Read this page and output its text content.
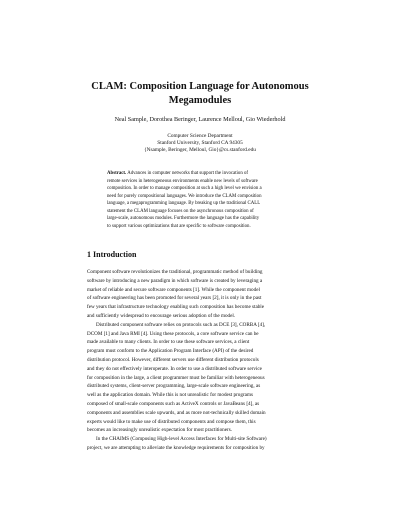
CLAM: Composition Language for Autonomous
Megamodules
Neal Sample, Dorothea Beringer, Laurence Melloul, Gio Wiederhold
Computer Science Department
Stanford University, Stanford CA 94305
{Nsample, Beringer, Melloul, Gio}@cs.stanford.edu
Abstract. Advances in computer networks that support the invocation of
remote services in heterogeneous environments enable new levels of software
composition. In order to manage composition at such a high level we envision a
need for purely compositional languages. We introduce the CLAM composition
language, a megaprogramming language. By breaking up the traditional CALL
statement the CLAM language focuses on the asynchronous composition of
large-scale, autonomous modules. Furthermore the language has the capability
to support various optimizations that are specific to software composition.
1 Introduction
Component software revolutionizes the traditional, programmatic method of building
software by introducing a new paradigm in which software is created by leveraging a
market of reliable and secure software components [1]. While the component model
of software engineering has been promoted for several years [2], it is only in the past
few years that infrastructure technology enabling such composition has become stable
and sufficiently widespread to encourage serious adoption of the model.
Distributed component software relies on protocols such as DCE [3], CORBA [4],
DCOM [1] and Java RMI [4]. Using these protocols, a core software service can be
made available to many clients. In order to use these software services, a client
program must conform to the Application Program Interface (API) of the desired
distribution protocol. However, different servers use different distribution protocols
and they do not effectively interoperate. In order to use a distributed software service
for composition in the large, a client programmer must be familiar with heterogeneous
distributed systems, client-server programming, large-scale software engineering, as
well as the application domain. While this is not unrealistic for modest programs
composed of small-scale components such as ActiveX controls or JavaBeans [4], as
components and assemblies scale upwards, and as more not-technically skilled domain
experts would like to make use of distributed components and compose them, this
becomes an increasingly unrealistic expectation for most practitioners.
In the CHAIMS (Composing High-level Access Interfaces for Multi-site Software)
project, we are attempting to alleviate the knowledge requirements for composition by
